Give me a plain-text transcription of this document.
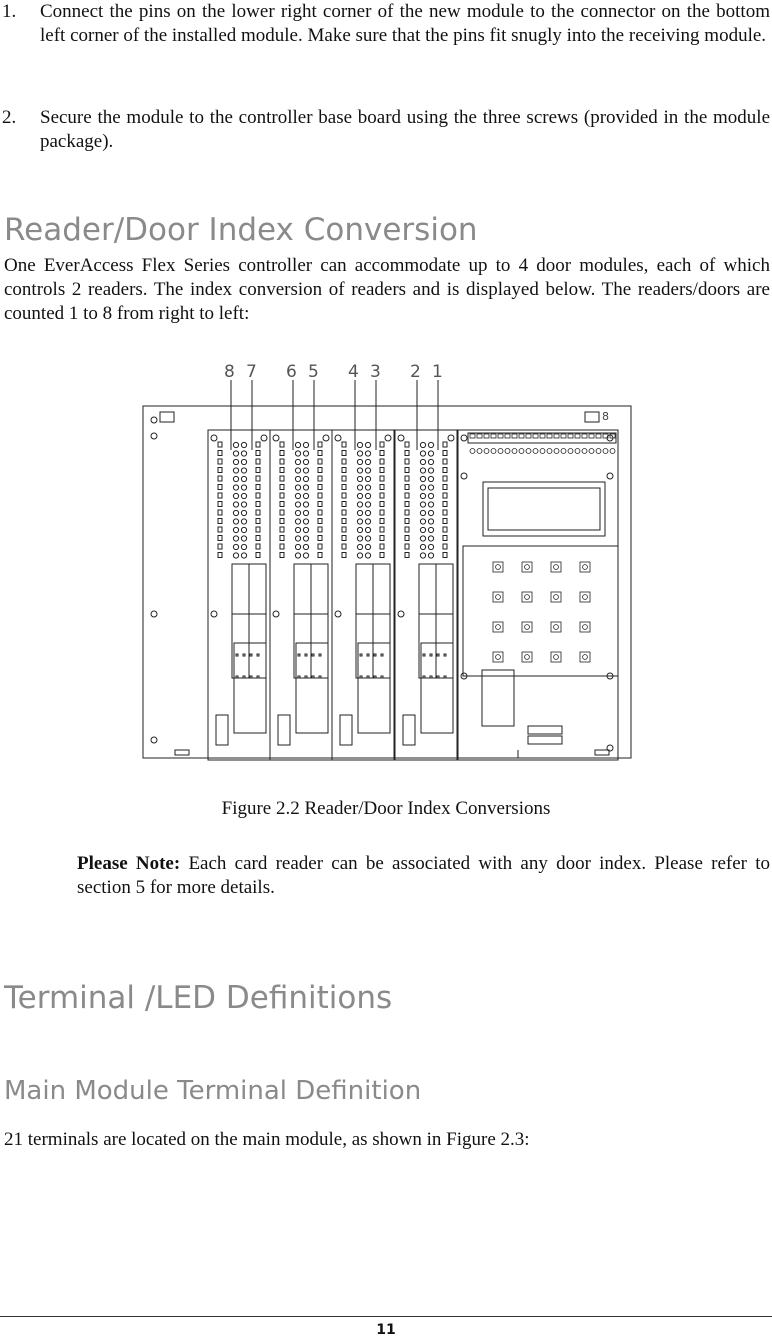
1. Connect the pins on the lower right corner of the new module to the connector on the bottom left corner of the installed module. Make sure that the pins fit snugly into the receiving module.

2. Secure the module to the controller base board using the three screws (provided in the module package).

Reader/Door Index Conversion

One EverAccess Flex Series controller can accommodate up to 4 door modules, each of which controls 2 readers. The index conversion of readers and is displayed below. The readers/doors are counted 1 to 8 from right to left:

8 7 6 5 4 3 2 1
8
Figure 2.2 Reader/Door Index Conversions

Please Note: Each card reader can be associated with any door index. Please refer to section 5 for more details.

Terminal /LED Definitions
Main Module Terminal Definition

21 terminals are located on the main module, as shown in Figure 2.3:

11
